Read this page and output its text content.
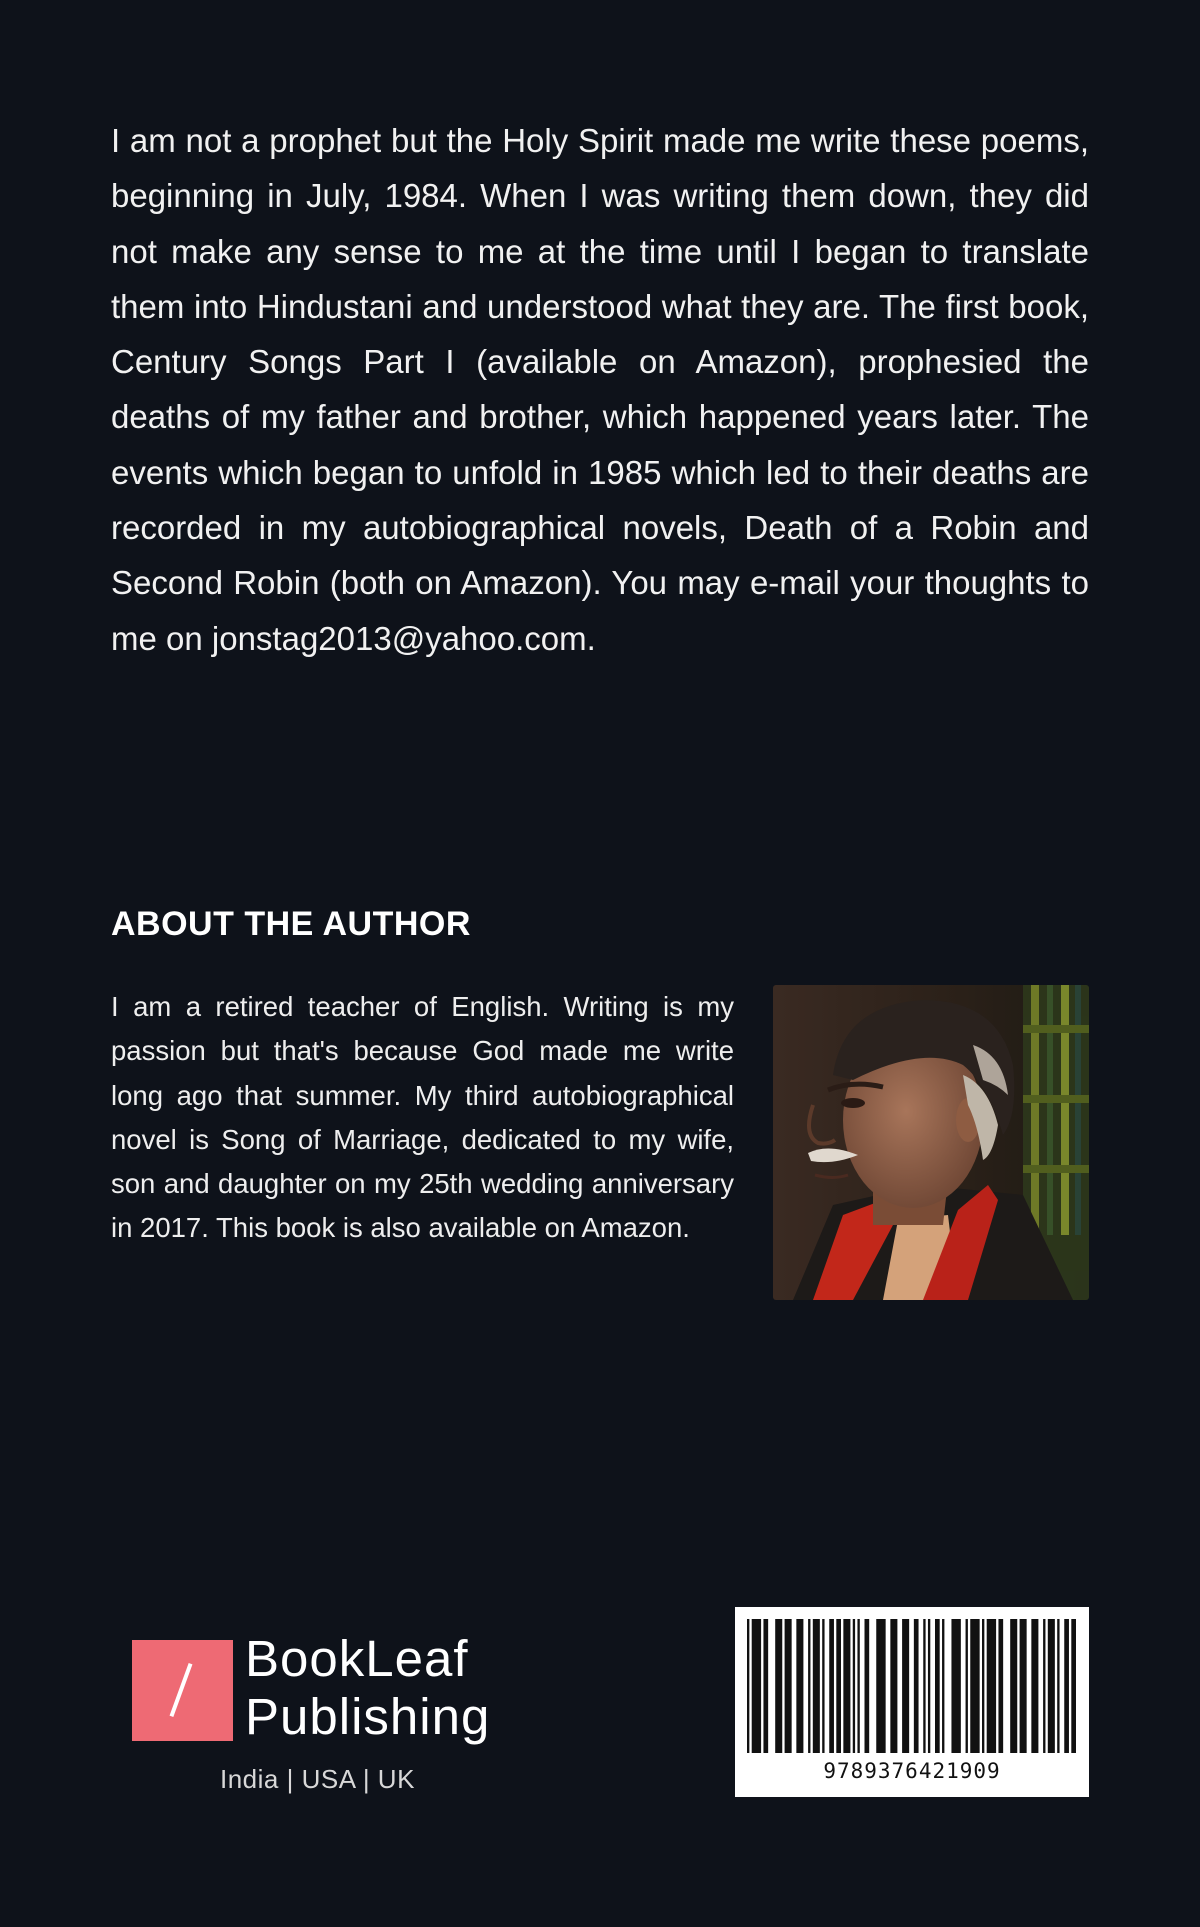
I am not a prophet but the Holy Spirit made me write these poems, beginning in July, 1984. When I was writing them down, they did not make any sense to me at the time until I began to translate them into Hindustani and understood what they are. The first book, Century Songs Part I (available on Amazon), prophesied the deaths of my father and brother, which happened years later. The events which began to unfold in 1985 which led to their deaths are recorded in my autobiographical novels, Death of a Robin and Second Robin (both on Amazon). You may e-mail your thoughts to me on jonstag2013@yahoo.com.
ABOUT THE AUTHOR
I am a retired teacher of English. Writing is my passion but that's because God made me write long ago that summer. My third autobiographical novel is Song of Marriage, dedicated to my wife, son and daughter on my 25th wedding anniversary in 2017. This book is also available on Amazon.
BookLeaf
Publishing
India | USA | UK	9789376421909
